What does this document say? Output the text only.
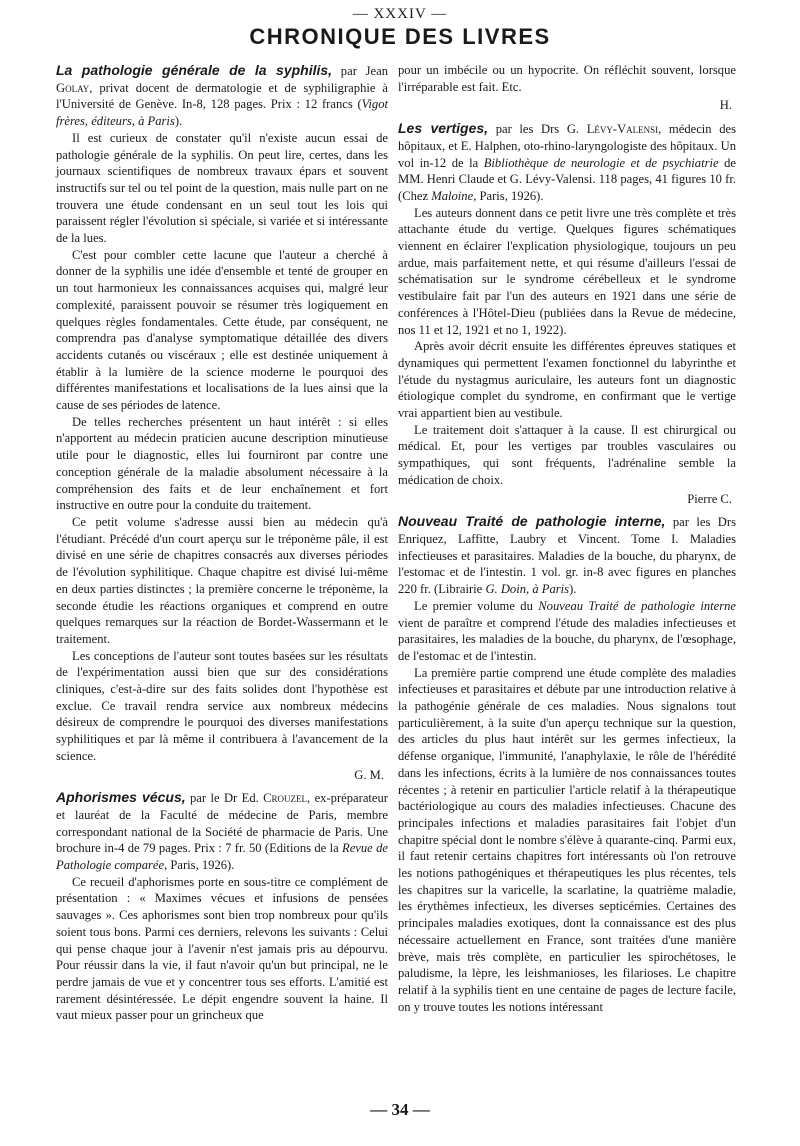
— XXXIV —
CHRONIQUE DES LIVRES

La pathologie générale de la syphilis, par Jean Golay, privat docent de dermatologie et de syphiligraphie à l'Université de Genève. In-8, 128 pages. Prix : 12 francs (Vigot frères, éditeurs, à Paris).

Il est curieux de constater qu'il n'existe aucun essai de pathologie générale de la syphilis. On peut lire, certes, dans les journaux scientifiques de nombreux travaux épars et souvent instructifs sur tel ou tel point de la question, mais nulle part on ne trouvera une étude condensant en un seul tout les lois qui paraissent régler l'évolution si spéciale, si variée et si intéressante de la lues.

C'est pour combler cette lacune que l'auteur a cherché à donner de la syphilis une idée d'ensemble et tenté de grouper en un tout harmonieux les connaissances acquises qui, malgré leur complexité, paraissent pouvoir se résumer très logiquement en quelques règles fondamentales. Cette étude, par conséquent, ne comprendra pas d'analyse symptomatique détaillée des divers accidents cutanés ou viscéraux ; elle est destinée uniquement à établir à la lumière de la science moderne le pourquoi des différentes manifestations et localisations de la lues ainsi que la cause de ses périodes de latence.

De telles recherches présentent un haut intérêt : si elles n'apportent au médecin praticien aucune description minutieuse utile pour le diagnostic, elles lui fourniront par contre une conception générale de la maladie absolument nécessaire à la compréhension des faits et de leur enchaînement et fort instructive en outre pour la conduite du traitement.

Ce petit volume s'adresse aussi bien au médecin qu'à l'étudiant. Précédé d'un court aperçu sur le tréponème pâle, il est divisé en une série de chapitres consacrés aux diverses périodes de l'évolution syphilitique. Chaque chapitre est divisé lui-même en deux parties distinctes ; la première concerne le tréponème, la seconde étudie les réactions organiques et comprend en outre quelques remarques sur la réaction de Bordet-Wassermann et le traitement.

Les conceptions de l'auteur sont toutes basées sur les résultats de l'expérimentation aussi bien que sur des considérations cliniques, c'est-à-dire sur des faits solides dont l'hypothèse est exclue. Ce travail rendra service aux nombreux médecins désireux de comprendre le pourquoi des diverses manifestations syphilitiques et par là même il contribuera à l'avancement de la science.

G. M.

Aphorismes vécus, par le Dr Ed. Crouzel, ex-préparateur et lauréat de la Faculté de médecine de Paris, membre correspondant national de la Société de pharmacie de Paris. Une brochure in-4 de 79 pages. Prix : 7 fr. 50 (Editions de la Revue de Pathologie comparée, Paris, 1926).

Ce recueil d'aphorismes porte en sous-titre ce complément de présentation : « Maximes vécues et infusions de pensées sauvages ». Ces aphorismes sont bien trop nombreux pour qu'ils soient tous bons. Parmi ces derniers, relevons les suivants : Celui qui pense chaque jour à l'avenir n'est jamais pris au dépourvu. Pour réussir dans la vie, il faut n'avoir qu'un but principal, ne le perdre jamais de vue et y concentrer tous ses efforts. L'amitié est rarement désintéressée. Le dépit engendre souvent la haine. Il vaut mieux passer pour un grincheux que

pour un imbécile ou un hypocrite. On réfléchit souvent, lorsque l'irréparable est fait. Etc.

H.

Les vertiges, par les Drs G. Lévy-Valensi, médecin des hôpitaux, et E. Halphen, oto-rhino-laryngologiste des hôpitaux. Un vol in-12 de la Bibliothèque de neurologie et de psychiatrie de MM. Henri Claude et G. Lévy-Valensi. 118 pages, 41 figures 10 fr. (Chez Maloine, Paris, 1926).

Les auteurs donnent dans ce petit livre une très complète et très attachante étude du vertige. Quelques figures schématiques viennent en éclairer l'explication physiologique, toujours un peu ardue, mais parfaitement nette, et qui résume d'ailleurs l'essai de schématisation sur le syndrome cérébelleux et le syndrome vestibulaire fait par l'un des auteurs en 1921 dans une série de conférences à l'Hôtel-Dieu (publiées dans la Revue de médecine, nos 11 et 12, 1921 et no 1, 1922).

Après avoir décrit ensuite les différentes épreuves statiques et dynamiques qui permettent l'examen fonctionnel du labyrinthe et l'étude du nystagmus auriculaire, les auteurs font un diagnostic étiologique complet du syndrome, en confirmant que le vertige vrai appartient bien au vestibule.

Le traitement doit s'attaquer à la cause. Il est chirurgical ou médical. Et, pour les vertiges par troubles vasculaires ou sympathiques, qui sont fréquents, l'adrénaline semble la médication de choix.

Pierre C.

Nouveau Traité de pathologie interne, par les Drs Enriquez, Laffitte, Laubry et Vincent. Tome I. Maladies infectieuses et parasitaires. Maladies de la bouche, du pharynx, de l'estomac et de l'intestin. 1 vol. gr. in-8 avec figures en planches 220 fr. (Librairie G. Doin, à Paris).

Le premier volume du Nouveau Traité de pathologie interne vient de paraître et comprend l'étude des maladies infectieuses et parasitaires, les maladies de la bouche, du pharynx, de l'œsophage, de l'estomac et de l'intestin.

La première partie comprend une étude complète des maladies infectieuses et parasitaires et débute par une introduction relative à la pathogénie générale de ces maladies. Nous signalons tout particulièrement, à la suite d'un aperçu technique sur la question, des articles du plus haut intérêt sur les germes infectieux, la défense organique, l'immunité, l'anaphylaxie, le rôle de l'hérédité dans les infections, écrits à la lumière de nos connaissances toutes récentes ; à retenir en particulier l'article relatif à la thérapeutique bactériologique au cours des maladies infectieuses. Chacune des principales infections et maladies parasitaires fait l'objet d'un chapitre spécial dont le nombre s'élève à quarante-cinq. Parmi eux, il faut retenir certains chapitres fort intéressants où l'on retrouve les notions pathogéniques et thérapeutiques les plus récentes, tels les chapitres sur la varicelle, la scarlatine, la quatrième maladie, les érythèmes infectieux, les diverses septicémies. Certaines des principales maladies exotiques, dont la connaissance est des plus nécessaire actuellement en France, sont traitées d'une manière brève, mais très complète, en particulier les spirochétoses, le paludisme, la lèpre, les leishmanioses, les filarioses. Le chapitre relatif à la syphilis tient en une centaine de pages de lecture facile, on y trouve toutes les notions intéressant

— 34 —
